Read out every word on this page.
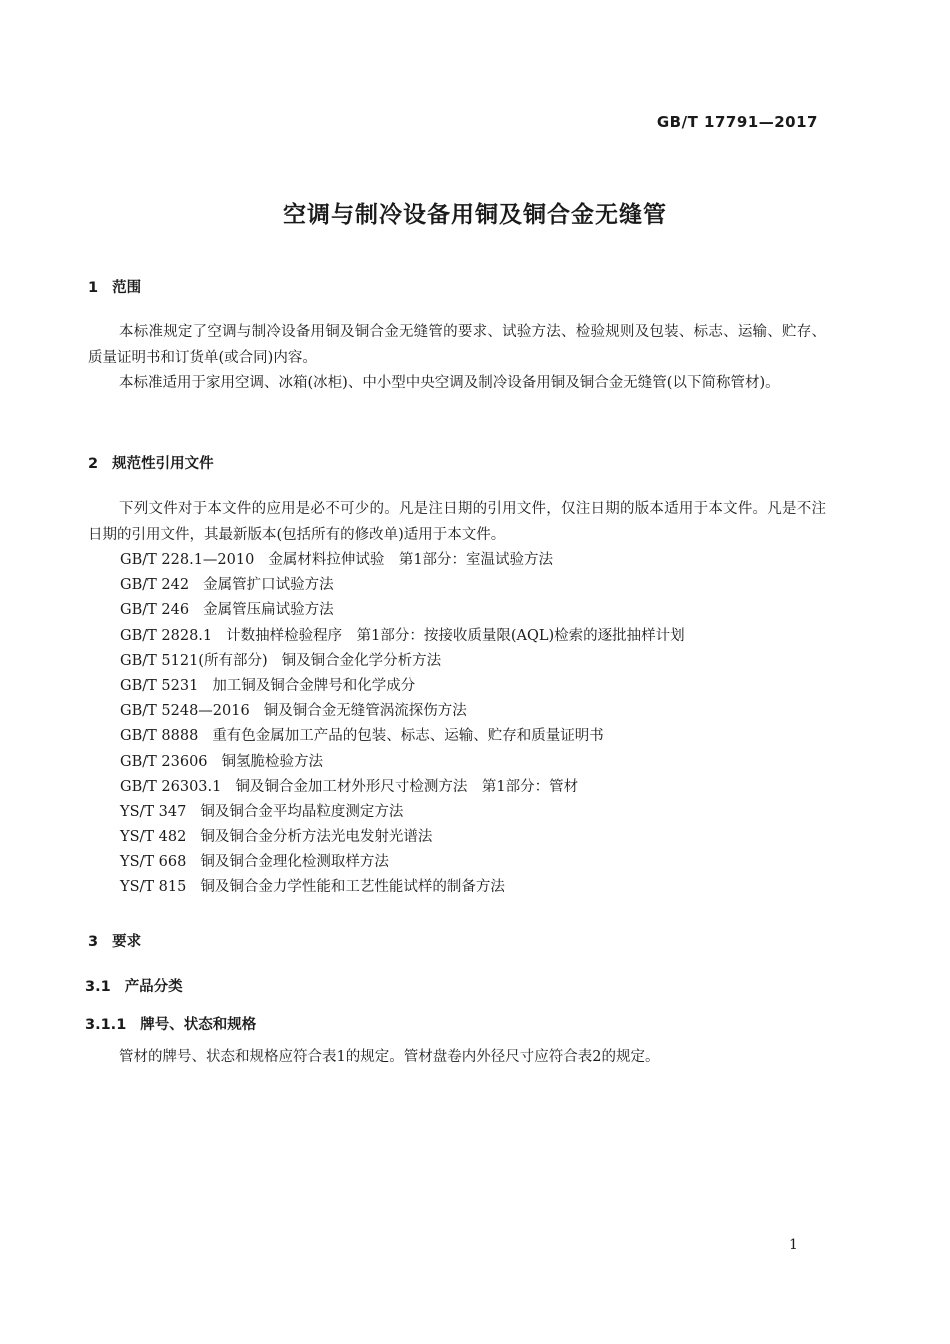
GB/T 17791—2017
空调与制冷设备用铜及铜合金无缝管
1 范围
本标准规定了空调与制冷设备用铜及铜合金无缝管的要求、试验方法、检验规则及包装、标志、运输、贮存、质量证明书和订货单(或合同)内容。
本标准适用于家用空调、冰箱(冰柜)、中小型中央空调及制冷设备用铜及铜合金无缝管(以下简称管材)。
2 规范性引用文件
下列文件对于本文件的应用是必不可少的。凡是注日期的引用文件，仅注日期的版本适用于本文件。凡是不注日期的引用文件，其最新版本(包括所有的修改单)适用于本文件。
GB/T 228.1—2010 金属材料拉伸试验　第1部分：室温试验方法
GB/T 242 金属管扩口试验方法
GB/T 246 金属管压扁试验方法
GB/T 2828.1 计数抽样检验程序　第1部分：按接收质量限(AQL)检索的逐批抽样计划
GB/T 5121(所有部分) 铜及铜合金化学分析方法
GB/T 5231 加工铜及铜合金牌号和化学成分
GB/T 5248—2016 铜及铜合金无缝管涡流探伤方法
GB/T 8888 重有色金属加工产品的包装、标志、运输、贮存和质量证明书
GB/T 23606 铜氢脆检验方法
GB/T 26303.1 铜及铜合金加工材外形尺寸检测方法　第1部分：管材
YS/T 347 铜及铜合金平均晶粒度测定方法
YS/T 482 铜及铜合金分析方法光电发射光谱法
YS/T 668 铜及铜合金理化检测取样方法
YS/T 815 铜及铜合金力学性能和工艺性能试样的制备方法
3 要求
3.1 产品分类
3.1.1 牌号、状态和规格
管材的牌号、状态和规格应符合表1的规定。管材盘卷内外径尺寸应符合表2的规定。
1
